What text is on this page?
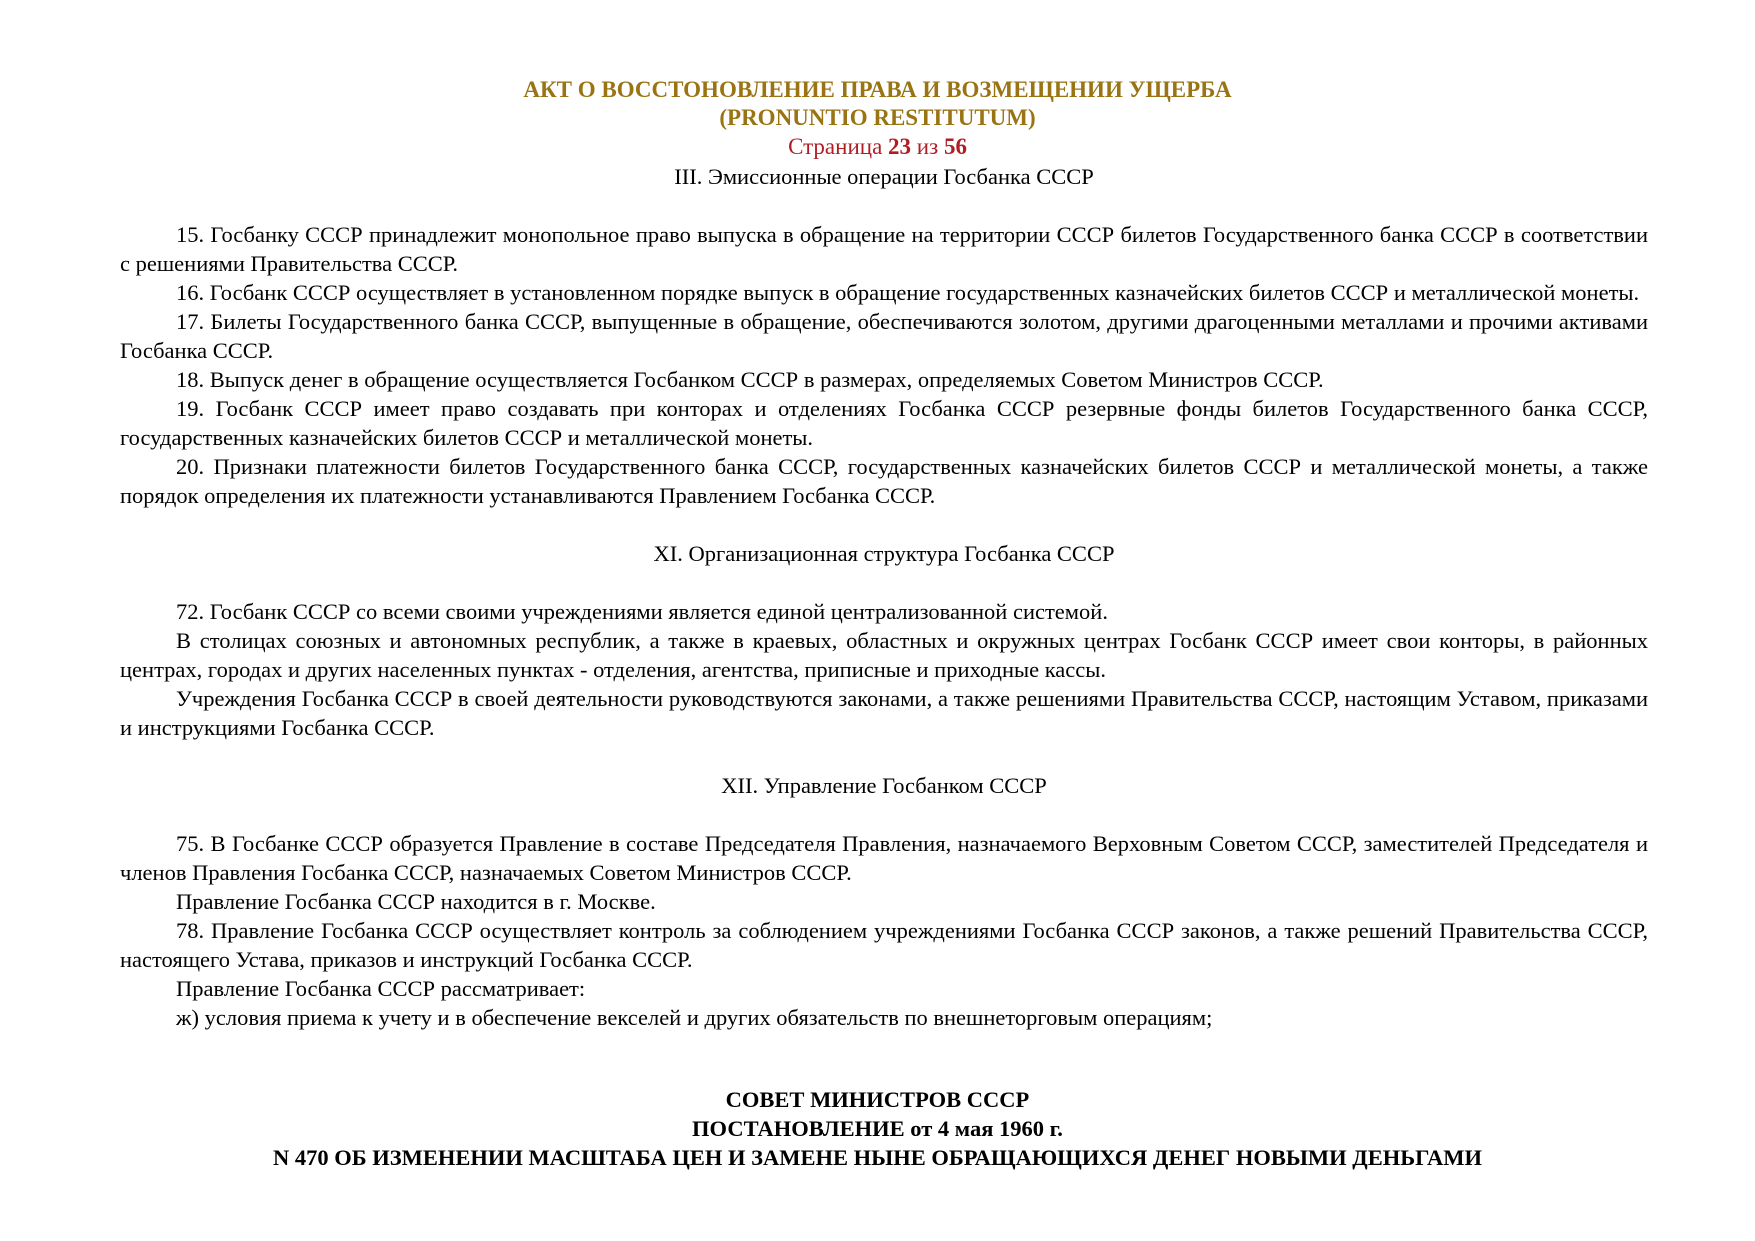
АКТ О ВОССТОНОВЛЕНИЕ ПРАВА И ВОЗМЕЩЕНИИ УЩЕРБА

(PRONUNTIO RESTITUTUM)

Страница 23 из 56

III. Эмиссионные операции Госбанка СССР

15. Госбанку СССР принадлежит монопольное право выпуска в обращение на территории СССР билетов Государственного банка СССР в соответствии с решениями Правительства СССР.

16. Госбанк СССР осуществляет в установленном порядке выпуск в обращение государственных казначейских билетов СССР и металлической монеты.

17. Билеты Государственного банка СССР, выпущенные в обращение, обеспечиваются золотом, другими драгоценными металлами и прочими активами Госбанка СССР.

18. Выпуск денег в обращение осуществляется Госбанком СССР в размерах, определяемых Советом Министров СССР.

19. Госбанк СССР имеет право создавать при конторах и отделениях Госбанка СССР резервные фонды билетов Государственного банка СССР, государственных казначейских билетов СССР и металлической монеты.

20. Признаки платежности билетов Государственного банка СССР, государственных казначейских билетов СССР и металлической монеты, а также порядок определения их платежности устанавливаются Правлением Госбанка СССР.

XI. Организационная структура Госбанка СССР

72. Госбанк СССР со всеми своими учреждениями является единой централизованной системой.

В столицах союзных и автономных республик, а также в краевых, областных и окружных центрах Госбанк СССР имеет свои конторы, в районных центрах, городах и других населенных пунктах - отделения, агентства, приписные и приходные кассы.

Учреждения Госбанка СССР в своей деятельности руководствуются законами, а также решениями Правительства СССР, настоящим Уставом, приказами и инструкциями Госбанка СССР.

XII. Управление Госбанком СССР

75. В Госбанке СССР образуется Правление в составе Председателя Правления, назначаемого Верховным Советом СССР, заместителей Председателя и членов Правления Госбанка СССР, назначаемых Советом Министров СССР.

Правление Госбанка СССР находится в г. Москве.

78. Правление Госбанка СССР осуществляет контроль за соблюдением учреждениями Госбанка СССР законов, а также решений Правительства СССР, настоящего Устава, приказов и инструкций Госбанка СССР.

Правление Госбанка СССР рассматривает:

ж) условия приема к учету и в обеспечение векселей и других обязательств по внешнеторговым операциям;

СОВЕТ МИНИСТРОВ СССР

ПОСТАНОВЛЕНИЕ от 4 мая 1960 г.

N 470 ОБ ИЗМЕНЕНИИ МАСШТАБА ЦЕН И ЗАМЕНЕ НЫНЕ ОБРАЩАЮЩИХСЯ ДЕНЕГ НОВЫМИ ДЕНЬГАМИ
